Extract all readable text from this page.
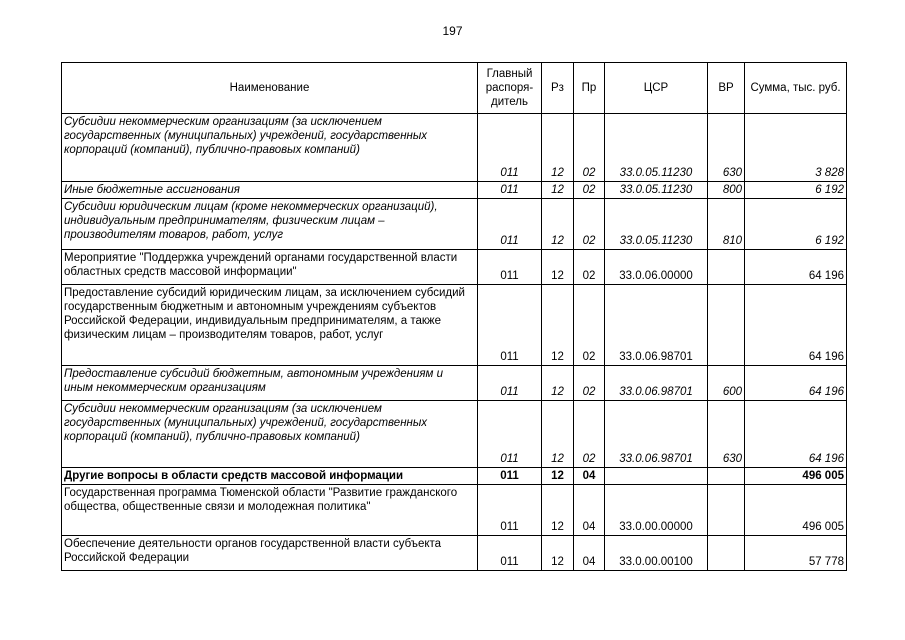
197
Наименование	Главный распоря-дитель	Рз	Пр	ЦСР	ВР	Сумма, тыс. руб.
Субсидии некоммерческим организациям (за исключением государственных (муниципальных) учреждений, государственных корпораций (компаний), публично-правовых компаний)	011	12	02	33.0.05.11230	630	3 828
Иные бюджетные ассигнования	011	12	02	33.0.05.11230	800	6 192
Субсидии юридическим лицам (кроме некоммерческих организаций), индивидуальным предпринимателям, физическим лицам – производителям товаров, работ, услуг	011	12	02	33.0.05.11230	810	6 192
Мероприятие "Поддержка учреждений органами государственной власти областных средств массовой информации"	011	12	02	33.0.06.00000		64 196
Предоставление субсидий юридическим лицам, за исключением субсидий государственным бюджетным и автономным учреждениям субъектов Российской Федерации, индивидуальным предпринимателям, а также физическим лицам – производителям товаров, работ, услуг	011	12	02	33.0.06.98701		64 196
Предоставление субсидий бюджетным, автономным учреждениям и иным некоммерческим организациям	011	12	02	33.0.06.98701	600	64 196
Субсидии некоммерческим организациям (за исключением государственных (муниципальных) учреждений, государственных корпораций (компаний), публично-правовых компаний)	011	12	02	33.0.06.98701	630	64 196
Другие вопросы в области средств массовой информации	011	12	04			496 005
Государственная программа Тюменской области "Развитие гражданского общества, общественные связи и молодежная политика"	011	12	04	33.0.00.00000		496 005
Обеспечение деятельности органов государственной власти субъекта Российской Федерации	011	12	04	33.0.00.00100		57 778
